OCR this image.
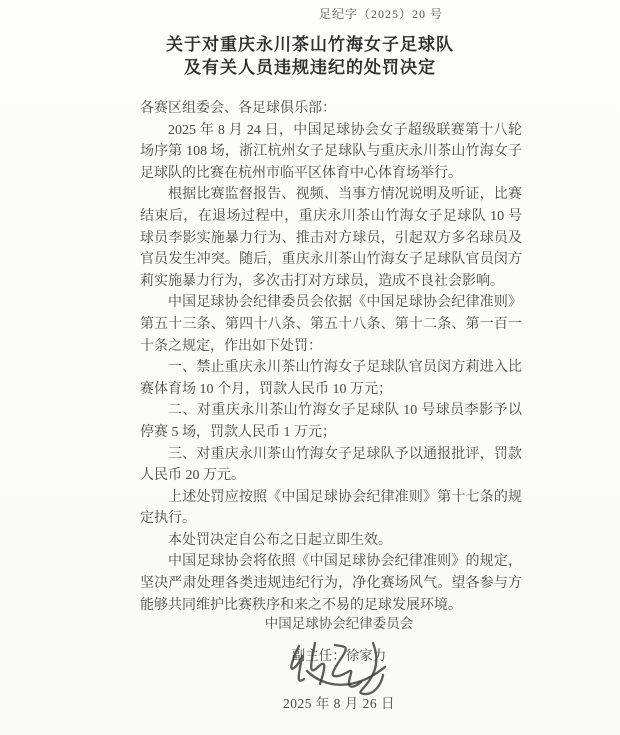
足纪字（2025）20 号
关于对重庆永川茶山竹海女子足球队
及有关人员违规违纪的处罚决定

各赛区组委会、各足球俱乐部：

2025 年 8 月 24 日，中国足球协会女子超级联赛第十八轮场序第 108 场，浙江杭州女子足球队与重庆永川茶山竹海女子足球队的比赛在杭州市临平区体育中心体育场举行。

根据比赛监督报告、视频、当事方情况说明及听证，比赛结束后，在退场过程中，重庆永川茶山竹海女子足球队 10 号球员李影实施暴力行为、推击对方球员，引起双方多名球员及官员发生冲突。随后，重庆永川茶山竹海女子足球队官员闵方莉实施暴力行为，多次击打对方球员，造成不良社会影响。

中国足球协会纪律委员会依据《中国足球协会纪律准则》第五十三条、第四十八条、第五十八条、第十二条、第一百一十条之规定，作出如下处罚：

一、禁止重庆永川茶山竹海女子足球队官员闵方莉进入比赛体育场 10 个月，罚款人民币 10 万元；

二、对重庆永川茶山竹海女子足球队 10 号球员李影予以停赛 5 场，罚款人民币 1 万元；

三、对重庆永川茶山竹海女子足球队予以通报批评，罚款人民币 20 万元。

上述处罚应按照《中国足球协会纪律准则》第十七条的规定执行。

本处罚决定自公布之日起立即生效。

中国足球协会将依照《中国足球协会纪律准则》的规定，坚决严肃处理各类违规违纪行为，净化赛场风气。望各参与方能够共同维护比赛秩序和来之不易的足球发展环境。

中国足球协会纪律委员会

副主任：徐家力

2025 年 8 月 26 日
